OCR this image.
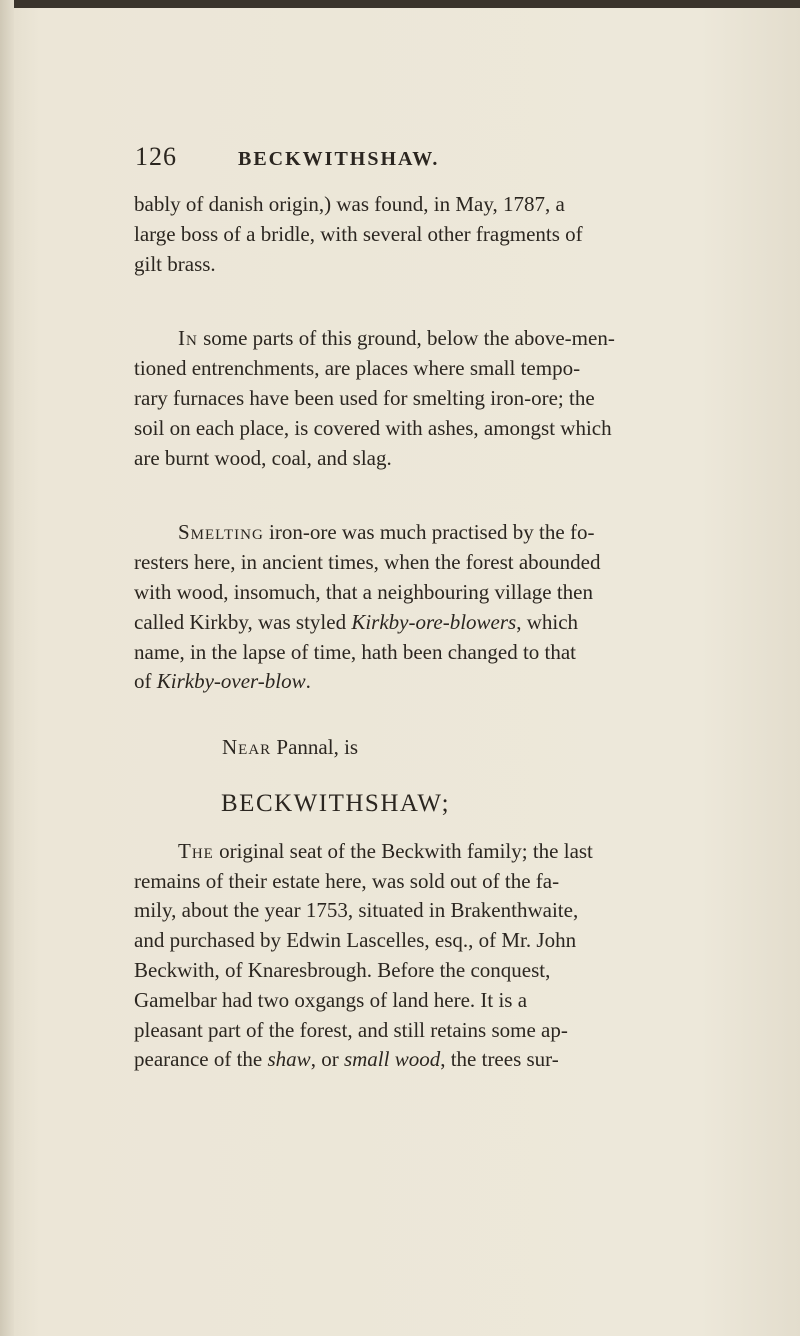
126	BECKWITHSHAW.

bably of danish origin,) was found, in May, 1787, a
large boss of a bridle, with several other fragments of
gilt brass.

In some parts of this ground, below the above-men-
tioned entrenchments, are places where small tempo-
rary furnaces have been used for smelting iron-ore; the
soil on each place, is covered with ashes, amongst which
are burnt wood, coal, and slag.

Smelting iron-ore was much practised by the fo-
resters here, in ancient times, when the forest abounded
with wood, insomuch, that a neighbouring village then
called Kirkby, was styled Kirkby-ore-blowers, which
name, in the lapse of time, hath been changed to that
of Kirkby-over-blow.

Near Pannal, is

BECKWITHSHAW;

The original seat of the Beckwith family; the last
remains of their estate here, was sold out of the fa-
mily, about the year 1753, situated in Brakenthwaite,
and purchased by Edwin Lascelles, esq., of Mr. John
Beckwith, of Knaresbrough. Before the conquest,
Gamelbar had two oxgangs of land here. It is a
pleasant part of the forest, and still retains some ap-
pearance of the shaw, or small wood, the trees sur-
